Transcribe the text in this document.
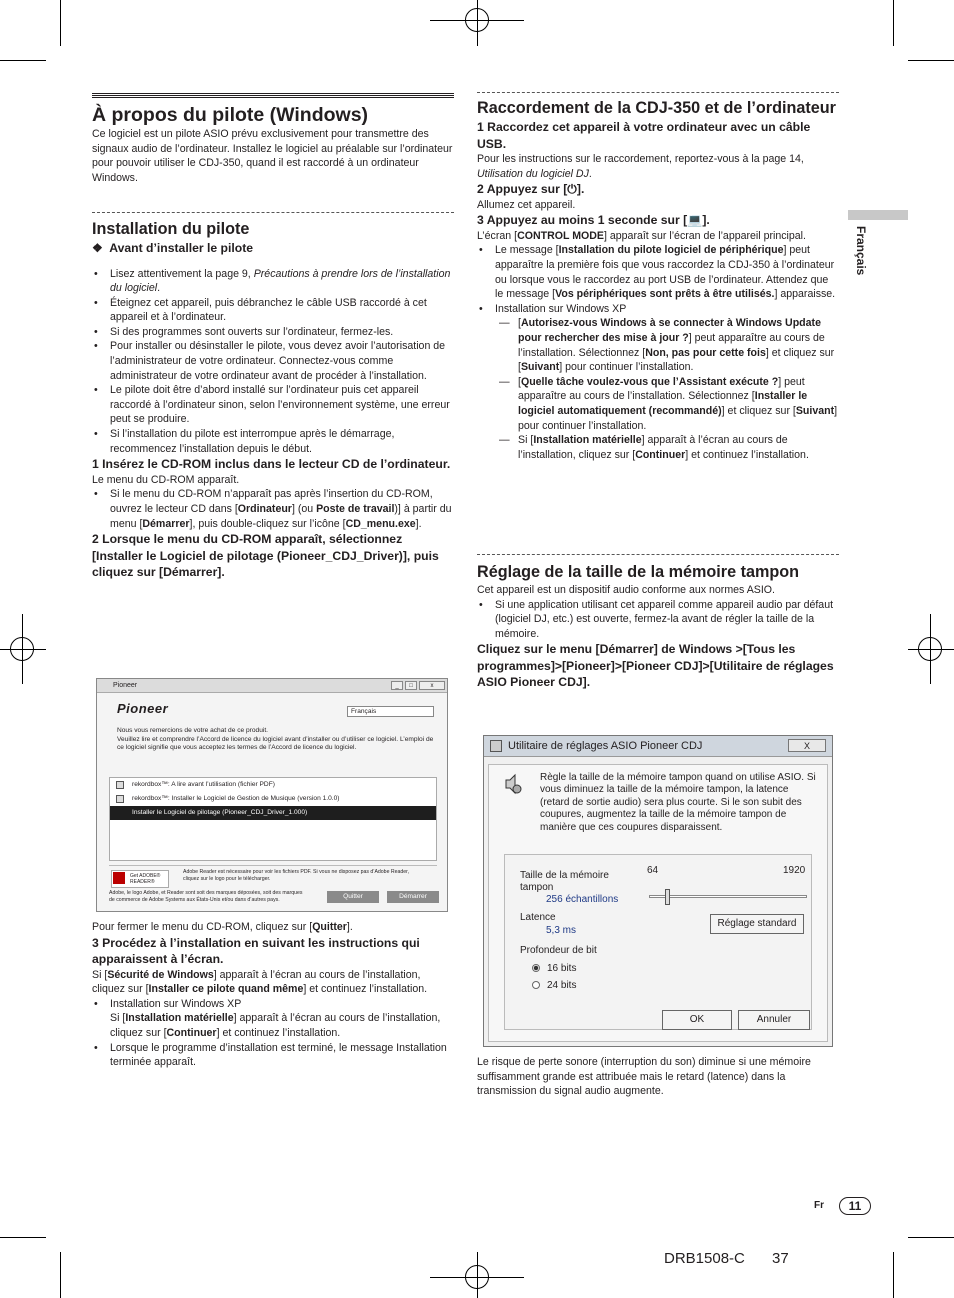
À propos du pilote (Windows)

Ce logiciel est un pilote ASIO prévu exclusivement pour transmettre des signaux audio de l’ordinateur. Installez le logiciel au préalable sur l’ordinateur pour pouvoir utiliser le CDJ-350, quand il est raccordé à un ordinateur Windows.

Installation du pilote

❖  Avant d’installer le pilote

• Lisez attentivement la page 9, Précautions à prendre lors de l’installation du logiciel.

• Éteignez cet appareil, puis débranchez le câble USB raccordé à cet appareil et à l’ordinateur.

• Si des programmes sont ouverts sur l’ordinateur, fermez-les.

• Pour installer ou désinstaller le pilote, vous devez avoir l’autorisation de l’administrateur de votre ordinateur. Connectez-vous comme administrateur de votre ordinateur avant de procéder à l’installation.

• Le pilote doit être d’abord installé sur l’ordinateur puis cet appareil raccordé à l’ordinateur sinon, selon l’environnement système, une erreur peut se produire.

• Si l’installation du pilote est interrompue après le démarrage, recommencez l’installation depuis le début.

1 Insérez le CD-ROM inclus dans le lecteur CD de l’ordinateur.

Le menu du CD-ROM apparaît.

• Si le menu du CD-ROM n’apparaît pas après l’insertion du CD-ROM, ouvrez le lecteur CD dans [Ordinateur] (ou Poste de travail)] à partir du menu [Démarrer], puis double-cliquez sur l’icône [CD_menu.exe].

2 Lorsque le menu du CD-ROM apparaît, sélectionnez [Installer le Logiciel de pilotage (Pioneer_CDJ_Driver)], puis cliquez sur [Démarrer].

Pioneer	_	□	x
Pioneer	Français

Nous vous remercions de votre achat de ce produit.

Veuillez lire et comprendre l’Accord de licence du logiciel avant d’installer ou d’utiliser ce logiciel. L’emploi de ce logiciel signifie que vous acceptez les termes de l’Accord de licence du logiciel.

rekordbox™: A lire avant l’utilisation (fichier PDF)
rekordbox™: Installer le Logiciel de Gestion de Musique (version 1.0.0)
Installer le Logiciel de pilotage (Pioneer_CDJ_Driver_1.000)
Get ADOBE® READER®
Adobe Reader est nécessaire pour voir les fichiers PDF. Si vous ne disposez pas d’Adobe Reader, cliquez sur le logo pour le télécharger.
Adobe, le logo Adobe, et Reader sont soit des marques déposées, soit des marques de commerce de Adobe Systems aux États-Unis et/ou dans d’autres pays.	Quitter	Démarrer

Pour fermer le menu du CD-ROM, cliquez sur [Quitter].

3 Procédez à l’installation en suivant les instructions qui apparaissent à l’écran.

Si [Sécurité de Windows] apparaît à l’écran au cours de l’installation, cliquez sur [Installer ce pilote quand même] et continuez l’installation.

• Installation sur Windows XP

Si [Installation matérielle] apparaît à l’écran au cours de l’installation, cliquez sur [Continuer] et continuez l’installation.

• Lorsque le programme d’installation est terminé, le message Installation terminée apparaît.

Raccordement de la CDJ-350 et de l’ordinateur

1 Raccordez cet appareil à votre ordinateur avec un câble USB.

Pour les instructions sur le raccordement, reportez-vous à la page 14, Utilisation du logiciel DJ.

2 Appuyez sur [⏻].

Allumez cet appareil.

3 Appuyez au moins 1 seconde sur [💻].

L’écran [CONTROL MODE] apparaît sur l’écran de l’appareil principal.

• Le message [Installation du pilote logiciel de périphérique] peut apparaître la première fois que vous raccordez la CDJ-350 à l’ordinateur ou lorsque vous le raccordez au port USB de l’ordinateur. Attendez que le message [Vos périphériques sont prêts à être utilisés.] apparaisse.

• Installation sur Windows XP

— [Autorisez-vous Windows à se connecter à Windows Update pour rechercher des mise à jour ?] peut apparaître au cours de l’installation. Sélectionnez [Non, pas pour cette fois] et cliquez sur [Suivant] pour continuer l’installation.

— [Quelle tâche voulez-vous que l’Assistant exécute ?] peut apparaître au cours de l’installation. Sélectionnez [Installer le logiciel automatiquement (recommandé)] et cliquez sur [Suivant] pour continuer l’installation.

— Si [Installation matérielle] apparaît à l’écran au cours de l’installation, cliquez sur [Continuer] et continuez l’installation.

Réglage de la taille de la mémoire tampon

Cet appareil est un dispositif audio conforme aux normes ASIO.

• Si une application utilisant cet appareil comme appareil audio par défaut (logiciel DJ, etc.) est ouverte, fermez-la avant de régler la taille de la mémoire.

Cliquez sur le menu [Démarrer] de Windows >[Tous les programmes]>[Pioneer]>[Pioneer CDJ]>[Utilitaire de réglages ASIO Pioneer CDJ].

Utilitaire de réglages ASIO Pioneer CDJ	X
Règle la taille de la mémoire tampon quand on utilise ASIO. Si vous diminuez la taille de la mémoire tampon, la latence (retard de sortie audio) sera plus courte. Si le son subit des coupures, augmentez la taille de la mémoire tampon de manière que ces coupures disparaissent.
Taille de la mémoire tampon
256 échantillons
64	1920
Latence
5,3 ms
Réglage standard
Profondeur de bit
16 bits
24 bits
OK	Annuler

Le risque de perte sonore (interruption du son) diminue si une mémoire suffisamment grande est attribuée mais le retard (latence) dans la transmission du signal audio augmente.

Français
Fr	11
DRB1508-C 37
